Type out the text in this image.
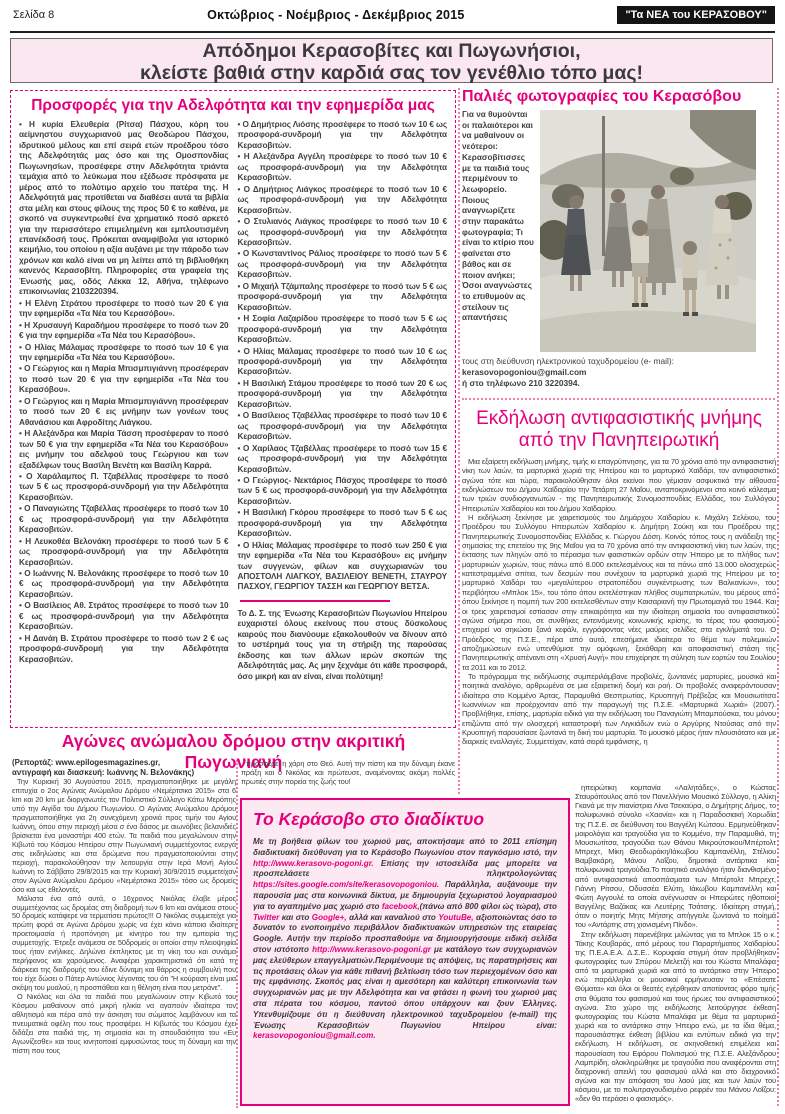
Σελίδα 8	Οκτώβριος - Νοέμβριος - Δεκέμβριος 2015	"Τα ΝΕΑ του ΚΕΡΑΣΟΒΟΥ"
Απόδημοι Κερασοβίτες και Πωγωνήσιοι,
κλείστε βαθιά στην καρδιά σας τον γενέθλιο τόπο μας!
Προσφορές για την Αδελφότητα και την εφημερίδα μας

• Η κυρία Ελευθερία (Ρίτσα) Πάσχου, κόρη του αείμνηστου συγχωριανού μας Θεοδώρου Πάσχου, ιδρυτικού μέλους και επί σειρά ετών προέδρου τόσο της Αδελφότητάς μας όσο και της Ομοσπονδίας Πωγωνησίων, προσέφερε στην Αδελφότητα τριάντα τεμάχια από το λεύκωμα που εξέδωσε πρόσφατα με μέρος από το πολύτιμο αρχείο του πατέρα της. Η Αδελφότητά μας προτίθεται να διαθέσει αυτά τα βιβλία στα μέλη και στους φίλους της προς 50 € το καθένα, με σκοπό να συγκεντρωθεί ένα χρηματικό ποσό αρκετό για την περισσότερο επιμελημένη και εμπλουτισμένη επανέκδοσή τους. Πρόκειται αναμφίβολα για ιστορικό κειμήλιο, του οποίου η αξία αυξάνει με την πάροδο των χρόνων και καλό είναι να μη λείπει από τη βιβλιοθήκη κανενός Κερασοβίτη. Πληροφορίες στα γραφεία της Ένωσής μας, οδός Λέκκα 12, Αθήνα, τηλέφωνο επικοινωνίας 2103220394.

• Η Ελένη Στράτου προσέφερε το ποσό των 20 € για την εφημερίδα «Τα Νέα του Κερασόβου».

• Η Χρυσαυγή Καραδήμου προσέφερε το ποσό των 20 € για την εφημερίδα «Τα Νέα του Κερασόβου».

• Ο Ηλίας Μάλαμας προσέφερε το ποσό των 10 € για την εφημερίδα «Τα Νέα του Κερασόβου».

• Ο Γεώργιος και η Μαρία Μπισμπιγιάννη προσέφεραν το ποσό των 20 € για την εφημερίδα «Τα Νέα του Κερασόβου».

• Ο Γεώργιος και η Μαρία Μπισμπιγιάννη προσέφεραν το ποσό των 20 € εις μνήμην των γονέων τους Αθανάσιου και Αφροδίτης Λιάγκου.

• Η Αλεξάνδρα και Μαρία Τάσση προσέφεραν το ποσό των 50 € για την εφημερίδα «Τα Νέα του Κερασόβου» εις μνήμην του αδελφού τους Γεώργιου και των εξαδέλφων τους Βασίλη Βενέτη και Βασίλη Καρρά.

• Ο Χαράλαμπος Π. Τζαβέλλας προσέφερε το ποσό των 5 € ως προσφορά-συνδρομή για την Αδελφότητα Κερασοβιτών.

• Ο Παναγιώτης Τζαβέλλας προσέφερε το ποσό των 10 € ως προσφορά-συνδρομή για την Αδελφότητα Κερασοβιτών.

• Η Λευκοθέα Βελονάκη προσέφερε το ποσό των 5 € ως προσφορά-συνδρομή για την Αδελφότητα Κερασοβιτών.

• Ο Ιωάννης Ν. Βελονάκης προσέφερε το ποσό των 10 € ως προσφορά-συνδρομή για την Αδελφότητα Κερασοβιτών.

• Ο Βασίλειος Αθ. Στράτος προσέφερε το ποσό των 10 € ως προσφορά-συνδρομή για την Αδελφότητα Κερασοβιτών.

• Η Δανάη Β. Στράτου προσέφερε το ποσό των 2 € ως προσφορά-συνδρομή για την Αδελφότητα Κερασοβιτών.

• Ο Δημήτριος Λιόσης προσέφερε το ποσό των 10 € ως προσφορά-συνδρομή για την Αδελφότητα Κερασοβιτών.

• Η Αλεξάνδρα Αγγέλη προσέφερε το ποσό των 10 € ως προσφορά-συνδρομή για την Αδελφότητα Κερασοβιτών.

• Ο Δημήτριος Λιάγκος προσέφερε το ποσό των 10 € ως προσφορά-συνδρομή για την Αδελφότητα Κερασοβιτών.

• Ο Στυλιανός Λιάγκος προσέφερε το ποσό των 10 € ως προσφορά-συνδρομή για την Αδελφότητα Κερασοβιτών.

• Ο Κωνσταντίνος Ράλιος προσέφερε το ποσό των 5 € ως προσφορά-συνδρομή για την Αδελφότητα Κερασοβιτών.

• Ο Μιχαήλ Τζάμπαλης προσέφερε το ποσό των 5 € ως προσφορά-συνδρομή για την Αδελφότητα Κερασοβιτών.

• Η Σοφία Λαζαρίδου προσέφερε το ποσό των 5 € ως προσφορά-συνδρομή για την Αδελφότητα Κερασοβιτών.

• Ο Ηλίας Μάλαμας προσέφερε το ποσό των 10 € ως προσφορά-συνδρομή για την Αδελφότητα Κερασοβιτών.

• Η Βασιλική Στάμου προσέφερε το ποσό των 20 € ως προσφορά-συνδρομή για την Αδελφότητα Κερασοβιτών.

• Ο Βασίλειος Τζαβέλλας προσέφερε το ποσό των 10 € ως προσφορά-συνδρομή για την Αδελφότητα Κερασοβιτών.

• Ο Χαρίλαος Τζαβέλλας προσέφερε το ποσό των 15 € ως προσφορά-συνδρομή για την Αδελφότητα Κερασοβιτών.

• Ο Γεώργιος- Νεκτάριος Πάσχος προσέφερε το ποσό των 5 € ως προσφορά-συνδρομή για την Αδελφότητα Κερασοβιτών.

• Η Βασιλική Γκόρου προσέφερε το ποσό των 5 € ως προσφορά-συνδρομή για την Αδελφότητα Κερασοβιτών.

• Ο Ηλίας Μάλαμας προσέφερε το ποσό των 250 € για την εφημερίδα «Τα Νέα του Κερασόβου» εις μνήμην των συγγενών, φίλων και συγχωριανών του ΑΠΟΣΤΟΛΗ ΛΙΑΓΚΟΥ, ΒΑΣΙΛΕΙΟΥ ΒΕΝΕΤΗ, ΣΤΑΥΡΟΥ ΠΑΣΧΟΥ, ΓΕΩΡΓΙΟΥ ΤΑΣΣΗ και ΓΕΩΡΓΙΟΥ ΒΕΤΣΑ.

Το Δ. Σ. της Ένωσης Κερασοβιτών Πωγωνίου Ηπείρου ευχαριστεί όλους εκείνους που στους δύσκολους καιρούς που διανύουμε εξακολουθούν να δίνουν από το υστέρημά τους για τη στήριξη της παρούσας έκδοσης και των άλλων ιερών σκοπών της Αδελφότητάς μας. Ας μην ξεχνάμε ότι κάθε προσφορά, όσο μικρή και αν είναι, είναι πολύτιμη!

Παλιές φωτογραφίες του Κερασόβου
Για να θυμούνται οι παλαιότεροι και να μαθαίνουν οι νεότεροι: Κερασοβίτισσες με τα παιδιά τους περιμένουν το λεωφορείο. Ποιους αναγνωρίζετε στην παρακάτω φωτογραφία; Τι είναι το κτίριο που φαίνεται στο βάθος και σε ποιον ανήκει; Όσοι αναγνώστες το επιθυμούν ας στείλουν τις απαντήσεις
τους στη διεύθυνση ηλεκτρονικού ταχυδρομείου (e- mail):
kerasovopogoniou@gmail.com
ή στο τηλέφωνο 210 3220394.
Εκδήλωση αντιφασιστικής μνήμης
από την Πανηπειρωτική

Μια εξαίρετη εκδήλωση μνήμης, τιμής κι επαγρύπνησης, για τα 70 χρόνια από την αντιφασιστική νίκη των λαών, τα μαρτυρικά χωριά της Ηπείρου και το μαρτυρικό Χαϊδάρι, τον αντιφασιστικό αγώνα τότε και τώρα, παρακολούθησαν όλοι εκείνοι που γέμισαν ασφυκτικά την αίθουσα εκδηλώσεων του Δήμου Χαϊδαρίου την Τετάρτη 27 Μαΐου, ανταποκρινόμενοι στο κοινό κάλεσμα των τριών συνδιοργανωτών - της Πανηπειρωτικής Συνομοσπονδίας Ελλάδας, του Συλλόγου Ηπειρωτών Χαϊδαρίου και του Δήμου Χαϊδαρίου.

Η εκδήλωση ξεκίνησε με χαιρετισμούς του Δημάρχου Χαϊδαρίου κ. Μιχάλη Σελέκου, του Προέδρου του Συλλόγου Ηπειρωτών Χαϊδαρίου κ. Δημήτρη Σούκη και του Προέδρου της Πανηπειρωτικής Συνομοσπονδίας Ελλάδας κ. Γιώργου Δόση. Κοινός τόπος τους η ανάδειξη της σημασίας της επετείου της 9ης Μαΐου για τα 70 χρόνια από την αντιφασιστική νίκη των λαών, της έκτασης των πληγών από το πέρασμα των φασιστικών ορδών στην Ήπειρο με το πλήθος των μαρτυρικών χωριών, τους πάνω από 8.000 εκτελεσμένους και τα πάνω από 13.000 ολοσχερώς κατεστραμμένα σπίτια, των δεσμών που συνέχουν τα μαρτυρικά χωριά της Ηπείρου με το μαρτυρικό Χαϊδάρι του «μεγαλύτερου στρατοπέδου συγκέντρωσης των Βαλκανίων», του περιβόητου «Μπλοκ 15», του τόπο όπου εκτελέστηκαν πλήθος συμπατριωτών, του μέρους από όπου ξεκίνησε η πομπή των 200 εκτελεσθέντων στην Καισαριανή την Πρωτομαγιά του 1944. Και οι τρεις χαιρετισμοί εστίασαν στην επικαιρότητα και την ιδιαίτερη σημασία του αντιφασιστικού αγώνα σήμερα που, σε συνθήκες εντεινόμενης κοινωνικής κρίσης, το τέρας του φασισμού επιχειρεί να σηκώσει ξανά κεφάλι, εγγράφοντας νέες μαύρες σελίδες στα εγκλήματά του. Ο Πρόεδρος της Π.Σ.Ε., πέρα από αυτά, επεσήμανε ιδιαίτερα το θέμα των πολεμικών αποζημιώσεων ενώ υπενθύμισε την ομόφωνη, ξεκάθαρη και αποφασιστική στάση της Πανηπειρωτικής απέναντι στη «Χρυσή Αυγή» που επιχείρησε τη σύληση των εορτών του Σουλίου τα 2011 και το 2012.

Το πρόγραμμα της εκδήλωσης συμπεριλάμβανε προβολές, ζωντανές μαρτυρίες, μουσικά και ποιητικά αναλόγιο, αρθρωμένα σε μια εξαιρετική δομή και ροή. Οι προβολές αναφερόντουσαν ιδιαίτερα στο Κομμένο Άρτας, Παραμυθιά Θεσπρωτίας, Κρυοπηγή Πρέβεζας και Μουσιωτίτσα Ιωαννίνων και προέρχονταν από την παραγωγή της Π.Σ.Ε. «Μαρτυρικά Χωριά» (2007). Προβλήθηκε, επίσης, μαρτυρία ειδικά για την εκδήλωση του Παναγιώτη Μπαμπούσκα, του μόνου επιζώντα από την ολοσχερή καταστροφή των Λιγκιάδων ενώ ο Αργύρης Ντούσιας από την Κρυοπηγή παρουσίασε ζωντανά τη δική του μαρτυρία. Το μουσικό μέρος ήταν πλουσιότατο και με διαρκείς εναλλαγές. Συμμετείχαν, κατά σειρά εμφάνισης, η

ηπειρώτικη κομπανία «Λαλητάδες», ο Κώστας Σταυρόπουλος από τον Πανελλήνιο Μουσικό Σύλλογο, η Αλίκη Γκανά με την πιανίστρια Λίνα Τσεκαύρα, ο Δημήτρης Δήμος, το πολυφωνικό σύνολο «Χαονία» και η Παραδοσιακή Χορωδία της Π.Σ.Ε. σε διεύθυνση του Βαγγέλη Κώτσου. Ερμηνεύθηκαν μοιρολόγια και τραγούδια για το Κομμένο, την Παραμυθιά, τη Μουσιωτίτσα, τραγούδια των Θάνου Μικρούτσικου/Μπέρτολτ Μπρεχτ, Μίκη Θεοδωράκη/Ιάκωβου Καμπανέλλη, Στέλιου Βαμβακάρη, Μάνου Λοΐζου, δημοτικά αντάρτικα και πολυφωνικά τραγούδια.Το ποιητικό αναλόγιο ήταν διανθισμένο από αντιφασιστικά αποσπάσματα των Μπέρτολτ Μπρεχτ, Γιάννη Ρίτσου, Οδυσσέα Ελύτη, Ιάκωβου Καμπανέλλη και Φώτη Αγγουλέ τα οποία ανέγνωσαν οι Ηπειρώτες ηθοποιοί Βαγγέλης Βαζάκας και Λευτέρης Τσάτσης. Ιδιαίτερη στιγμή, όταν ο ποιητής Μητς Μήτσης απήγγειλε ζωντανά το ποίημά του «Αντάρτης στη χιονισμένη Πίνδο».

Στην εκδήλωση παρενέβηκε μιλώντας για το Μπλοκ 15 ο κ. Τάκης Κουβαράς, από μέρους του Παραρτήματος Χαϊδαρίου της Π.Ε.Α.Ε.Α. Δ.Σ.Ε.. Κορυφαία στιγμή όταν προβλήθηκαν φωτογραφίες των Σπύρου Μελετζή και του Κώστα Μπαλάφα από τα μαρτυρικά χωριά και από το αντάρτικο στην Ήπειρο ενώ παράλληλα οι μουσικοί ερμήνευσαν το «Επέσατε Θύματα» και όλοι οι θεατές εγέρθηκαν αποτίοντας φόρο τιμής στα θύματα του φασισμού και τους ήρωες του αντιφασιστικού αγώνα. Στο χώρο της εκδήλωσης λειτούργησε έκθεση φωτογραφίας του Κώστα Μπαλάφα με θέμα τα μαρτυρικά χωριά και το αντάρτικο στην Ήπειρο ενώ, με τα ίδια θέμα, παρουσιάστηκε έκθεση βιβλίου και εντύπων ειδικά για την εκδήλωση. Η εκδήλωση, σε σκηνοθετική επιμέλεια και παρουσίαση του Εφόρου Πολιτισμού της Π.Σ.Ε. Αλεξάνδρου Λαμπρίδη, ολοκληρώθηκε με τραγούδια που αναφέρονται στη διαχρονική απειλή του φασισμού αλλά και στο διαχρονικό αγώνα και την απόφαση του λαού μας και των λαών του κόσμου, με το πολυτραγουδισμένο ρεφρέν του Μάνου Λοΐζου: «δεν θα περάσει ο φασισμός».

Αγώνες ανώμαλου δρόμου στην ακριτική Πωγωνιανή
(Ρεπορτάζ: www.epilogesmagazines.gr,
αντιγραφή και διασκευή: Ιωάννης Ν. Βελονάκης)

Την Κυριακή 30 Αυγούστου 2015, πραγματοποιήθηκε με μεγάλη επιτυχία ο 2ος Αγώνας Ανώμαλου Δρόμου «Νεμέρτσικα 2015» στα 6 km και 20 km με διοργανωτές τον Πολιτιστικό Σύλλογο Κάτω Μερόπης υπό την Αιγίδα του Δήμου Πωγωνίου. Ο Αγώνας Ανώμαλου Δρόμου πραγματοποιήθηκε για 2η συνεχόμενη χρονιά προς τιμήν του Αγίου Ιωάννη, όπου στην περιοχή μέσα σ ένα δάσος με αιωνόβιες βελανιδιές βρίσκεται ένα μοναστήρι 400 ετών. Τα παιδιά που μεγαλώνουν στην Κιβωτό του Κόσμου Ηπείρου στην Πωγωνιανή συμμετέχοντας ενεργά στις εκδηλώσεις και στα δρώμενα που πραγματοποιούνται στην περιοχή, παρακολούθησαν την λειτουργία στην Ιερά Μονή Αγίου Ιωάννη το Σάββατο 29/8/2015 και την Κυριακή 30/9/2015 συμμετείχαν στον Αγώνα Ανώμαλου Δρόμου «Νεμέρτσικα 2015» τόσο ως δρομείς όσο και ως εθελοντές.

Μάλιστα ένα από αυτά, ο 16χρονος Νικόλας έλαβε μέρος συμμετέχοντας ως δρομέας στη διαδρομή των 6 km και ανάμεσα στους 50 δρομείς κατάφερε να τερματίσει πρώτος!!! Ο Νικόλας συμμετείχε για πρώτη φορά σε Αγώνα Δρόμου χωρίς να έχει κάνει κάποια ιδιαίτερη προετοιμασία ή προπόνηση με κίνητρο του την εμπειρία της συμμετοχής. Έτρεξε ανάμεσα σε 50δρομείς οι οποίοι στην πλειοψηφία τους ήταν ενήλικες. Δηλώνει έκπληκτος με τη νίκη του και συνάμα περήφανος και χαρούμενος. Αναφέρει χαρακτηριστικά ότι κατά τη διάρκεια της διαδρομής του έδινε δύναμη και θάρρος η συμβουλή που του είχε δώσει ο Πάτερ Αντώνιος λέγοντας του ότι "Η κούραση είναι μια σκέψη του μυαλού, η προσπάθεια και η θέληση είναι που μετράνε".

Ο Νικόλας και όλα τα παιδιά που μεγαλώνουν στην Κιβωτό του Κόσμου μαθαίνουν από μικρή ηλικία να αγαπούν ιδιαίτερα τον αθλητισμό και πέρα από την άσκηση του σώματος λαμβάνουν και τα πνευματικά οφέλη που τους προσφέρει. Η Κιβωτός του Κόσμου έχει διδάξει στα παιδιά της, τη σημασία και τη σπουδαιότητα του «Ευ Αγωνίζεσθε» και τους κινητοποιεί εμφυσώντας τους τη δύναμη και την πίστη που τους

προσφέρει η χάρη στο Θεό. Αυτή την πίστη και την δύναμη έκανε πράξη και ο Νικόλας και πρώτευσε, αναμένοντας ακόμη πολλές πρωτιές στην πορεία της ζωής του!
Το Κεράσοβο στο διαδίκτυο
Με τη βοήθεια φίλων του χωριού μας, αποκτήσαμε από το 2011 επίσημη διαδικτυακή διεύθυνση για το Κεράσοβο Πωγωνίου στον παγκόσμιο ιστό, την http://www.kerasovo-pogoni.gr. Επίσης την ιστοσελίδα μας μπορείτε να προσπελάσετε πληκτρολογώντας https://sites.google.com/site/kerasovopogoniou. Παράλληλα, αυξάνουμε την παρουσία μας στα κοινωνικά δίκτυα, με δημιουργία ξεχωριστού λογαριασμού για το αγαπημένο μας χωριό στο facebook,(πάνω από 800 φίλοι ώς τώρα), στο Twitter και στο Google+, αλλά και καναλιού στο YoutuBe, αξιοποιώντας όσο το δυνατόν το ενοποιημένο περιβάλλον διαδικτυακών υπηρεσιών της εταιρείας Google. Αυτήν την περίοδο προσπαθούμε να δημιουργήσουμε ειδική σελίδα στον ιστότοπο http://www.kerasovo-pogoni.gr με κατάλογο των συγχωριανών μας ελεύθερων επαγγελματιών.Περιμένουμε τις απόψεις, τις παρατηρήσεις και τις προτάσεις όλων για κάθε πιθανή βελτίωση τόσο των περιεχομένων όσο και της εμφάνισης. Σκοπός μας είναι η αμεσότερη και καλύτερη επικοινωνία των συγχωριανών μας με την Αδελφότητα και να φτάσει η φωνή του χωριού μας στα πέρατα του κόσμου, παντού όπου υπάρχουν και ζουν Έλληνες. Υπενθυμίζουμε ότι η διεύθυνση ηλεκτρονικού ταχυδρομείου (e-mail) της Ένωσης Κερασοβιτών Πωγωνίου Ηπείρου είναι: kerasovopogoniou@gmail.com.
